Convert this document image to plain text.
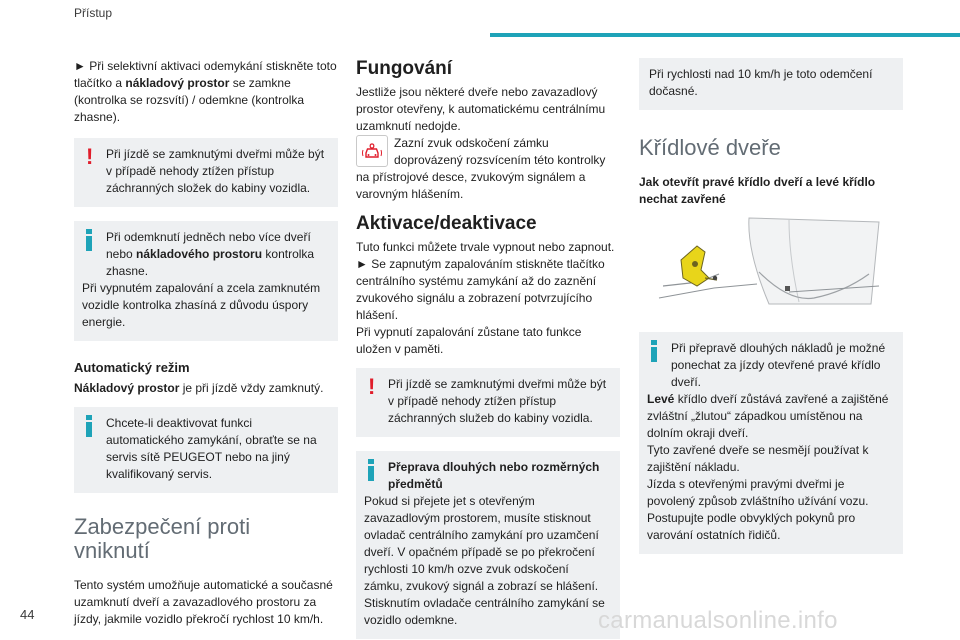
Přístup

► Při selektivní aktivaci odemykání stiskněte toto tlačítko a nákladový prostor se zamkne (kontrolka se rozsvítí) / odemkne (kontrolka zhasne).

!	Při jízdě se zamknutými dveřmi může být v případě nehody ztížen přístup záchranných složek do kabiny vozidla.

Při odemknutí jedněch nebo více dveří nebo nákladového prostoru kontrolka zhasne.

Při vypnutém zapalování a zcela zamknutém vozidle kontrolka zhasíná z důvodu úspory energie.

Automatický režim

Nákladový prostor je při jízdě vždy zamknutý.

Chcete-li deaktivovat funkci automatického zamykání, obraťte se na servis sítě PEUGEOT nebo na jiný kvalifikovaný servis.

Zabezpečení proti vniknutí

Tento systém umožňuje automatické a současné uzamknutí dveří a zavazadlového prostoru za jízdy, jakmile vozidlo překročí rychlost 10 km/h.

Fungování

Jestliže jsou některé dveře nebo zavazadlový prostor otevřeny, k automatickému centrálnímu uzamknutí nedojde.

Zazní zvuk odskočení zámku doprovázený rozsvícením této kontrolky na přístrojové desce, zvukovým signálem a varovným hlášením.

Aktivace/deaktivace

Tuto funkci můžete trvale vypnout nebo zapnout.

► Se zapnutým zapalováním stiskněte tlačítko centrálního systému zamykání až do zaznění zvukového signálu a zobrazení potvrzujícího hlášení.

Při vypnutí zapalování zůstane tato funkce uložen v paměti.

!	Při jízdě se zamknutými dveřmi může být v případě nehody ztížen přístup záchranných služeb do kabiny vozidla.

Přeprava dlouhých nebo rozměrných předmětů

Pokud si přejete jet s otevřeným zavazadlovým prostorem, musíte stisknout ovladač centrálního zamykání pro uzamčení dveří. V opačném případě se po překročení rychlosti 10 km/h ozve zvuk odskočení zámku, zvukový signál a zobrazí se hlášení. Stisknutím ovladače centrálního zamykání se vozidlo odemkne.

Při rychlosti nad 10 km/h je toto odemčení dočasné.

Křídlové dveře

Jak otevřít pravé křídlo dveří a levé křídlo nechat zavřené

Při přepravě dlouhých nákladů je možné ponechat za jízdy otevřené pravé křídlo dveří.

Levé křídlo dveří zůstává zavřené a zajištěné zvláštní „žlutou“ západkou umístěnou na dolním okraji dveří.

Tyto zavřené dveře se nesmějí používat k zajištění nákladu.

Jízda s otevřenými pravými dveřmi je povolený způsob zvláštního užívání vozu. Postupujte podle obvyklých pokynů pro varování ostatních řidičů.

44	carmanualsonline.info
